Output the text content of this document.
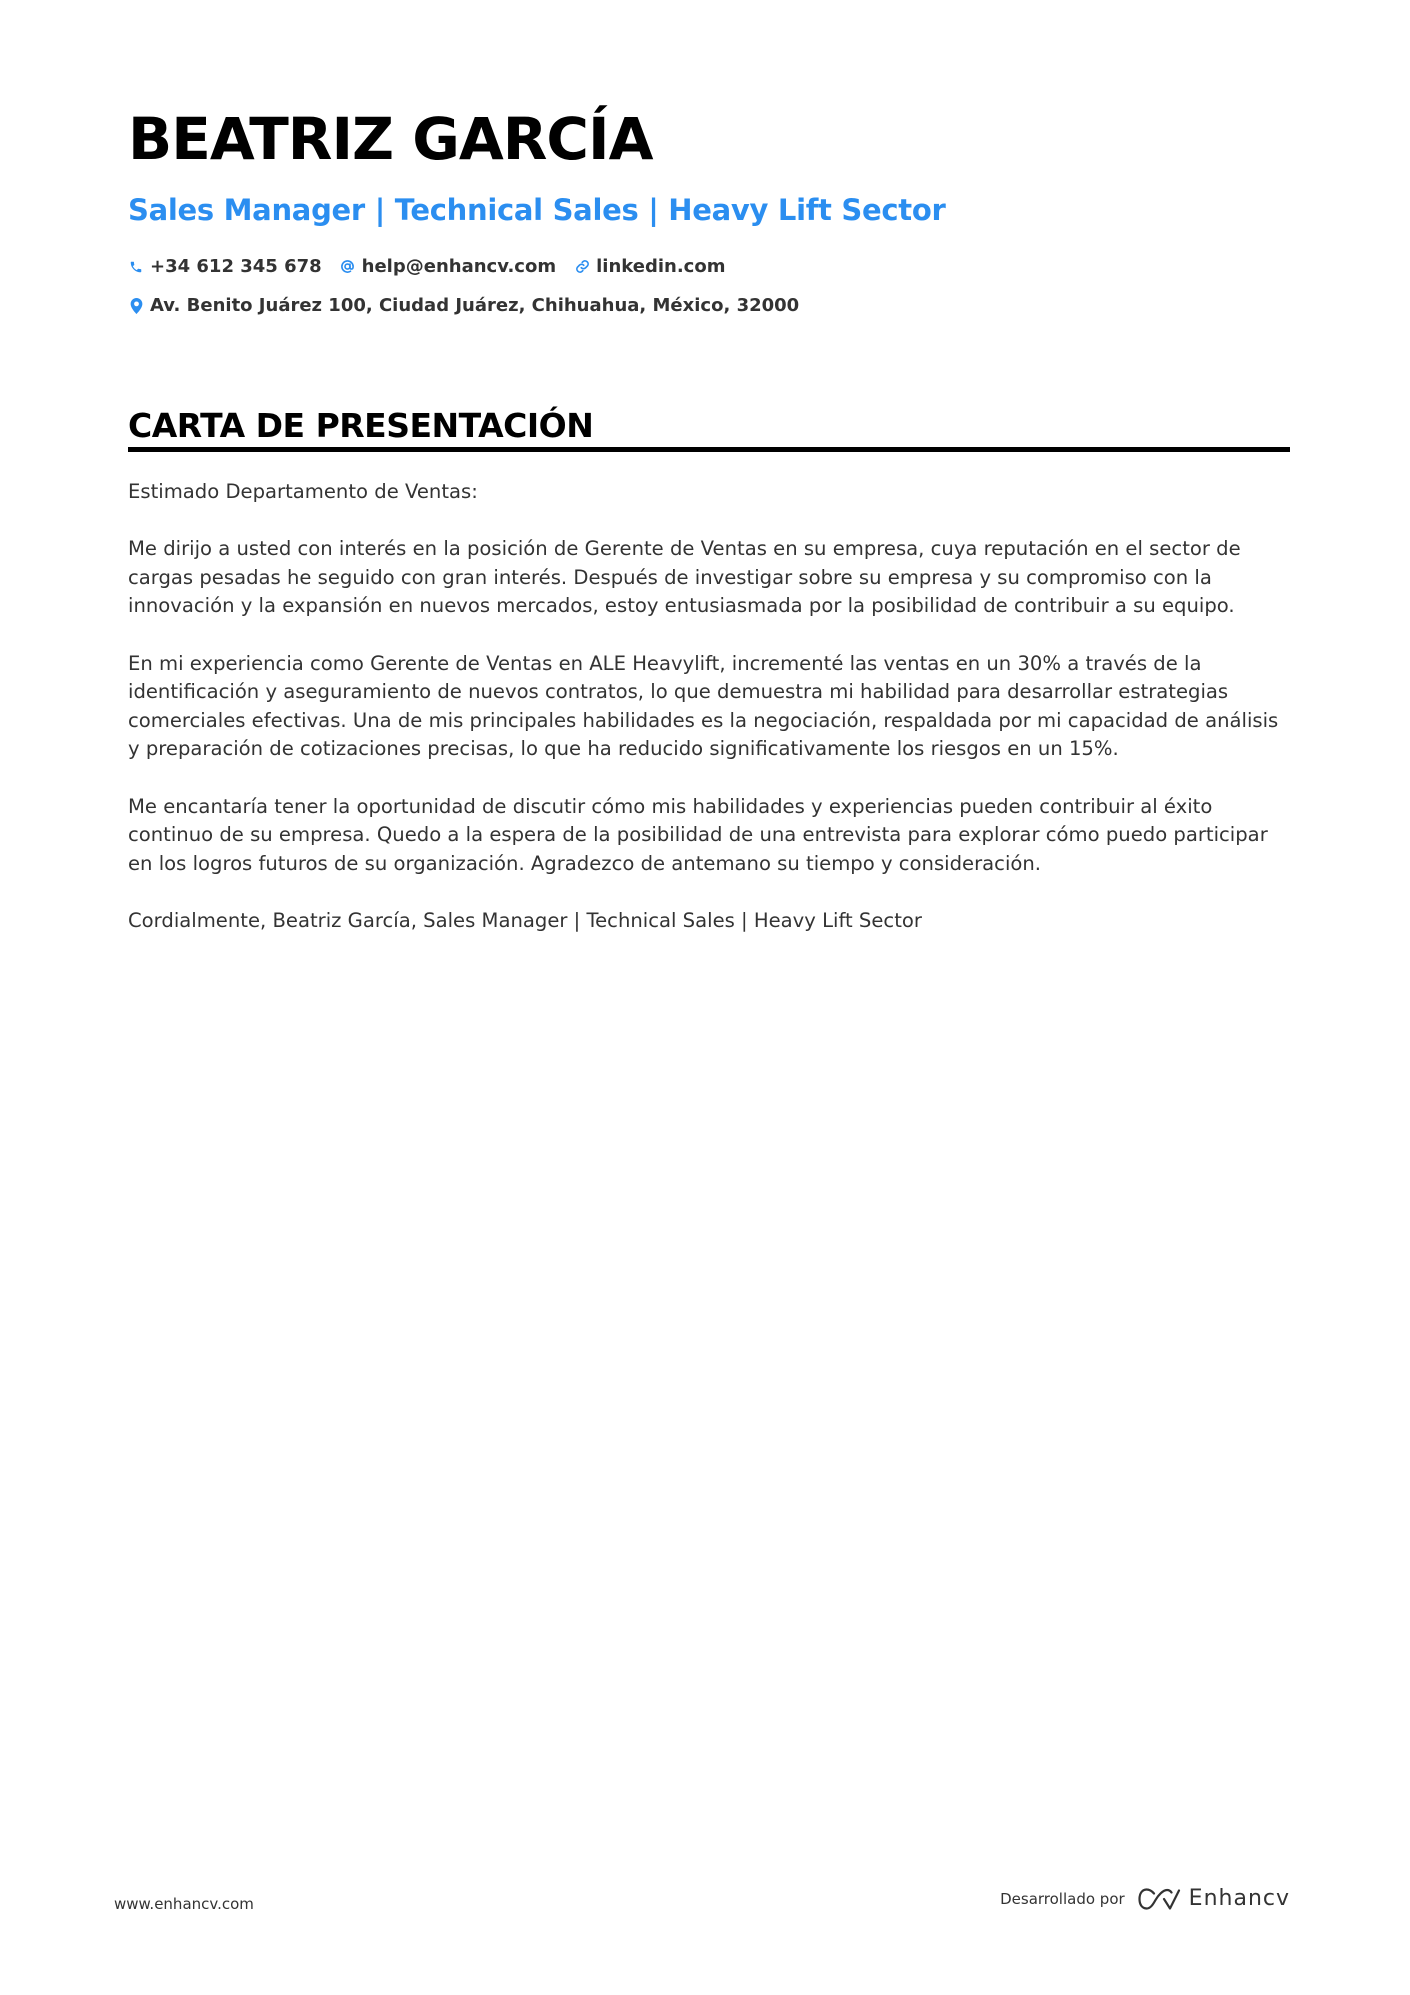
BEATRIZ GARCÍA
Sales Manager | Technical Sales | Heavy Lift Sector
+34 612 345 678 help@enhancv.com linkedin.com
Av. Benito Juárez 100, Ciudad Juárez, Chihuahua, México, 32000
CARTA DE PRESENTACIÓN

Estimado Departamento de Ventas:

Me dirijo a usted con interés en la posición de Gerente de Ventas en su empresa, cuya reputación en el sector de cargas pesadas he seguido con gran interés. Después de investigar sobre su empresa y su compromiso con la innovación y la expansión en nuevos mercados, estoy entusiasmada por la posibilidad de contribuir a su equipo.

En mi experiencia como Gerente de Ventas en ALE Heavylift, incrementé las ventas en un 30% a través de la identificación y aseguramiento de nuevos contratos, lo que demuestra mi habilidad para desarrollar estrategias comerciales efectivas. Una de mis principales habilidades es la negociación, respaldada por mi capacidad de análisis y preparación de cotizaciones precisas, lo que ha reducido significativamente los riesgos en un 15%.

Me encantaría tener la oportunidad de discutir cómo mis habilidades y experiencias pueden contribuir al éxito continuo de su empresa. Quedo a la espera de la posibilidad de una entrevista para explorar cómo puedo participar en los logros futuros de su organización. Agradezco de antemano su tiempo y consideración.

Cordialmente, Beatriz García, Sales Manager | Technical Sales | Heavy Lift Sector

www.enhancv.com	Desarrollado por	Enhancv
